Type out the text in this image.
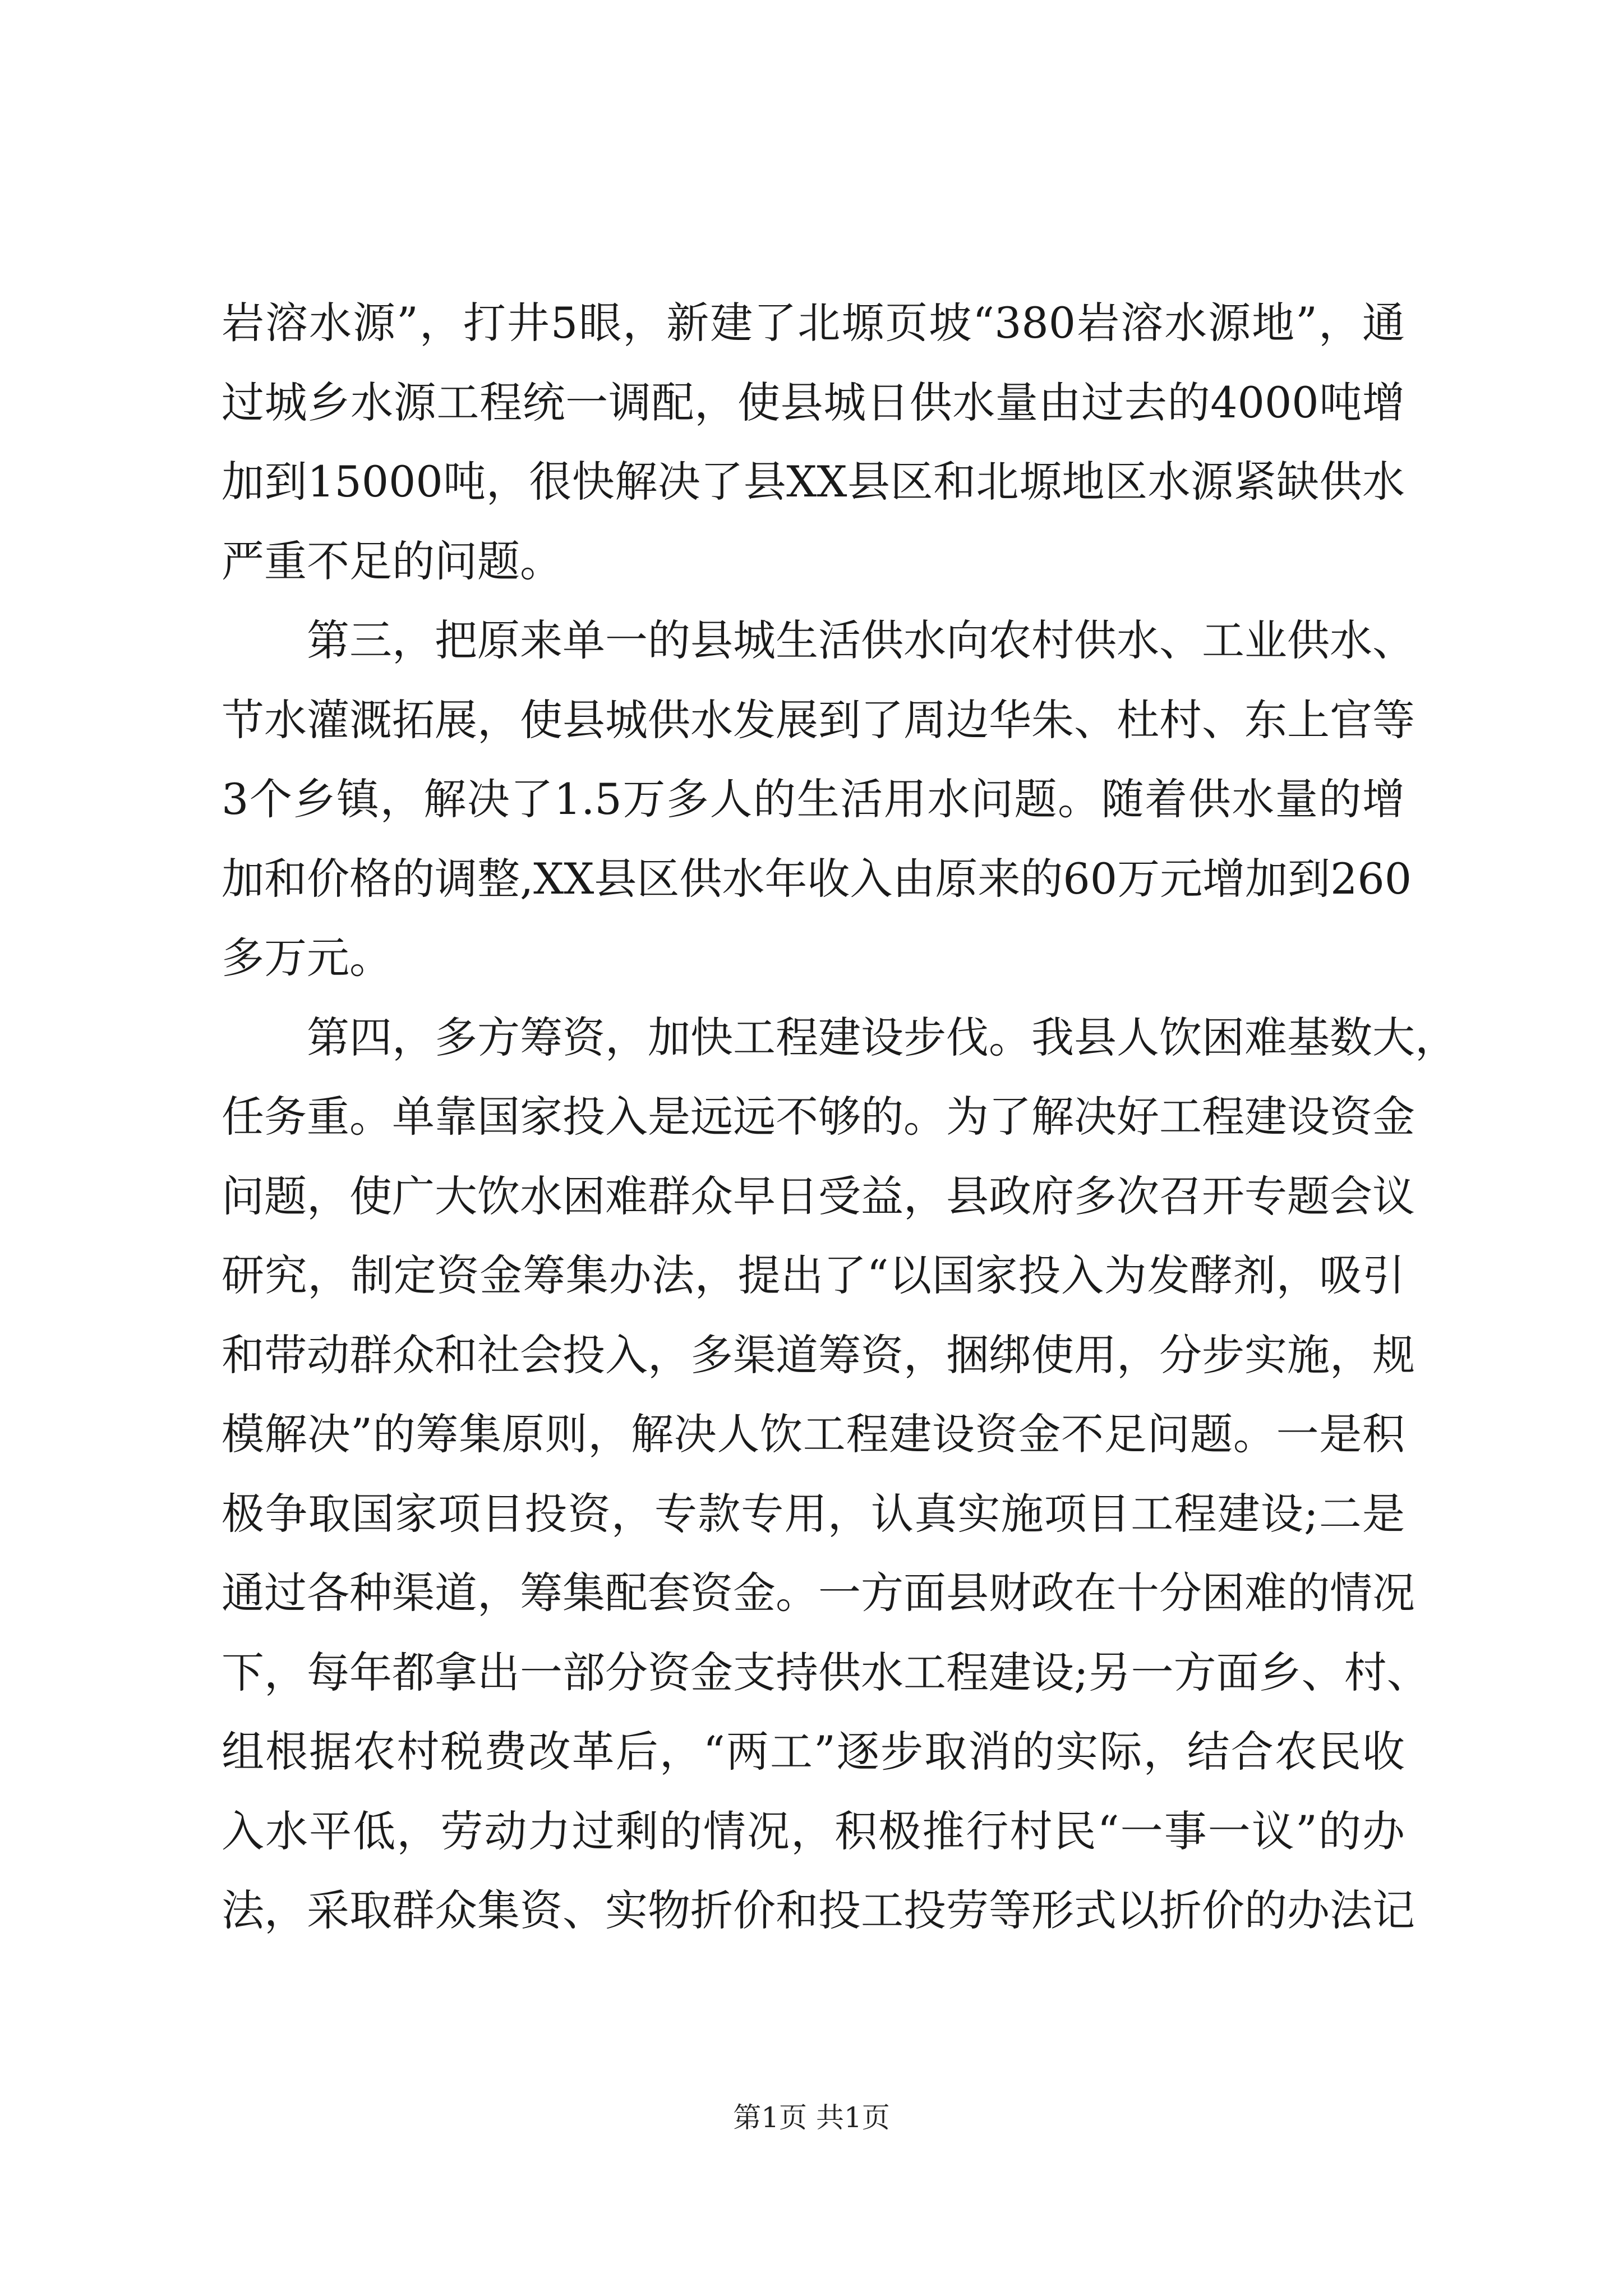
岩溶水源”，打井5眼，新建了北塬页坡“380岩溶水源地”，通
过城乡水源工程统一调配，使县城日供水量由过去的4000吨增
加到15000吨，很快解决了县XX县区和北塬地区水源紧缺供水
严重不足的问题。
第三，把原来单一的县城生活供水向农村供水、工业供水、
节水灌溉拓展，使县城供水发展到了周边华朱、杜村、东上官等
3个乡镇，解决了1.5万多人的生活用水问题。随着供水量的增
加和价格的调整,XX县区供水年收入由原来的60万元增加到260
多万元。
第四，多方筹资，加快工程建设步伐。我县人饮困难基数大，
任务重。单靠国家投入是远远不够的。为了解决好工程建设资金
问题，使广大饮水困难群众早日受益，县政府多次召开专题会议
研究，制定资金筹集办法，提出了“以国家投入为发酵剂，吸引
和带动群众和社会投入，多渠道筹资，捆绑使用，分步实施，规
模解决”的筹集原则，解决人饮工程建设资金不足问题。一是积
极争取国家项目投资，专款专用，认真实施项目工程建设;二是
通过各种渠道，筹集配套资金。一方面县财政在十分困难的情况
下，每年都拿出一部分资金支持供水工程建设;另一方面乡、村、
组根据农村税费改革后，“两工”逐步取消的实际，结合农民收
入水平低，劳动力过剩的情况，积极推行村民“一事一议”的办
法，采取群众集资、实物折价和投工投劳等形式以折价的办法记
第1页 共1页
